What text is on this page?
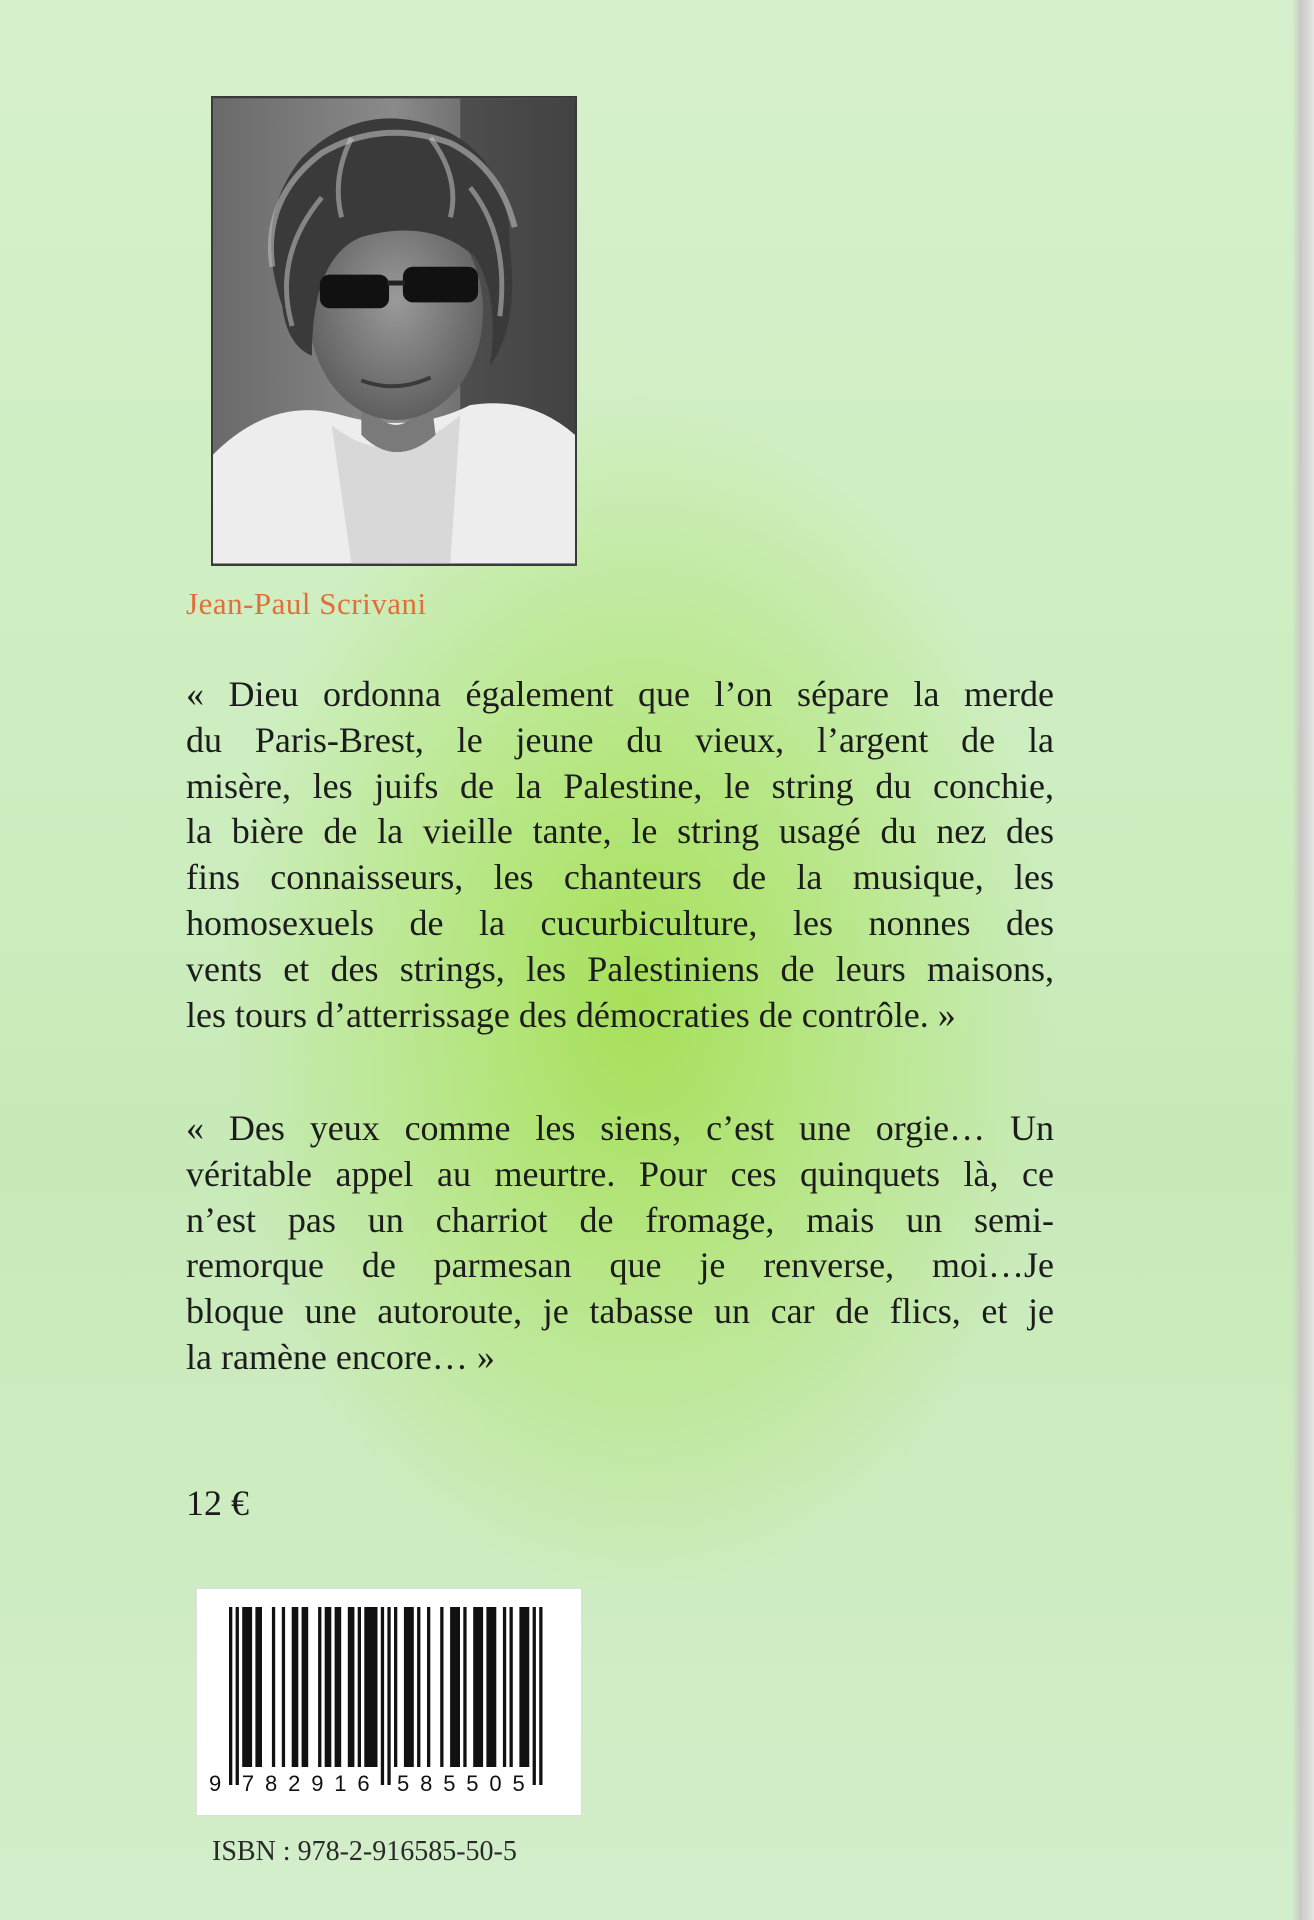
Jean-Paul Scrivani
« Dieu ordonna également que l’on sépare la merde
du Paris-Brest, le jeune du vieux, l’argent de la
misère, les juifs de la Palestine, le string du conchie,
la bière de la vieille tante, le string usagé du nez des
fins connaisseurs, les chanteurs de la musique, les
homosexuels de la cucurbiculture, les nonnes des
vents et des strings, les Palestiniens de leurs maisons,
les tours d’atterrissage des démocraties de contrôle. »
« Des yeux comme les siens, c’est une orgie… Un
véritable appel au meurtre. Pour ces quinquets là, ce
n’est pas un charriot de fromage, mais un semi-
remorque de parmesan que je renverse, moi…Je
bloque une autoroute, je tabasse un car de flics, et je
la ramène encore… »
12 €
9 7 8 2 9 1 6 5 8 5 5 0 5
ISBN : 978-2-916585-50-5
